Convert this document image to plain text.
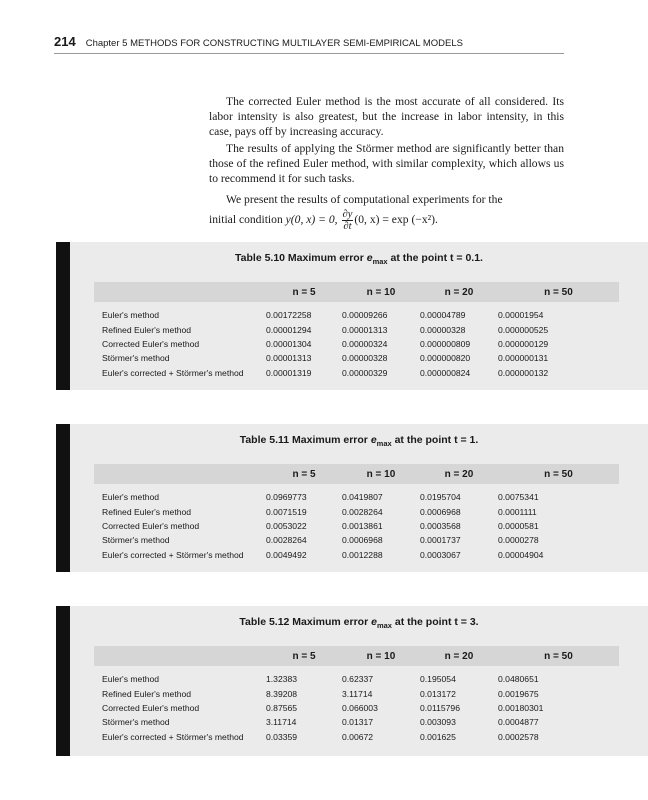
214 Chapter 5 METHODS FOR CONSTRUCTING MULTILAYER SEMI-EMPIRICAL MODELS

The corrected Euler method is the most accurate of all considered. Its labor intensity is also greatest, but the increase in labor intensity, in this case, pays off by increasing accuracy.

The results of applying the Störmer method are significantly better than those of the refined Euler method, with similar complexity, which allows us to recommend it for such tasks.

We present the results of computational experiments for the

initial condition y(0, x) = 0, $\frac{\partial y}{\partial t} (0$, x) = exp (−x²).
Table 5.10 Maximum error $e_{max}$ at the point t = 0.1.
	n = 5	n = 10	n = 20	n = 50
Euler's method	0.00172258	0.00009266	0.00004789	0.00001954
Refined Euler's method	0.00001294	0.00001313	0.00000328	0.000000525
Corrected Euler's method	0.00001304	0.00000324	0.000000809	0.000000129
Störmer's method	0.00001313	0.00000328	0.000000820	0.000000131
Euler's corrected + Störmer's method	0.00001319	0.00000329	0.000000824	0.000000132
Table 5.11 Maximum error $e_{max}$ at the point t = 1.
	n = 5	n = 10	n = 20	n = 50
Euler's method	0.0969773	0.0419807	0.0195704	0.0075341
Refined Euler's method	0.0071519	0.0028264	0.0006968	0.0001111
Corrected Euler's method	0.0053022	0.0013861	0.0003568	0.0000581
Störmer's method	0.0028264	0.0006968	0.0001737	0.0000278
Euler's corrected + Störmer's method	0.0049492	0.0012288	0.0003067	0.00004904
Table 5.12 Maximum error $e_{max}$ at the point t = 3.
	n = 5	n = 10	n = 20	n = 50
Euler's method	1.32383	0.62337	0.195054	0.0480651
Refined Euler's method	8.39208	3.11714	0.013172	0.0019675
Corrected Euler's method	0.87565	0.066003	0.0115796	0.00180301
Störmer's method	3.11714	0.01317	0.003093	0.0004877
Euler's corrected + Störmer's method	0.03359	0.00672	0.001625	0.0002578
